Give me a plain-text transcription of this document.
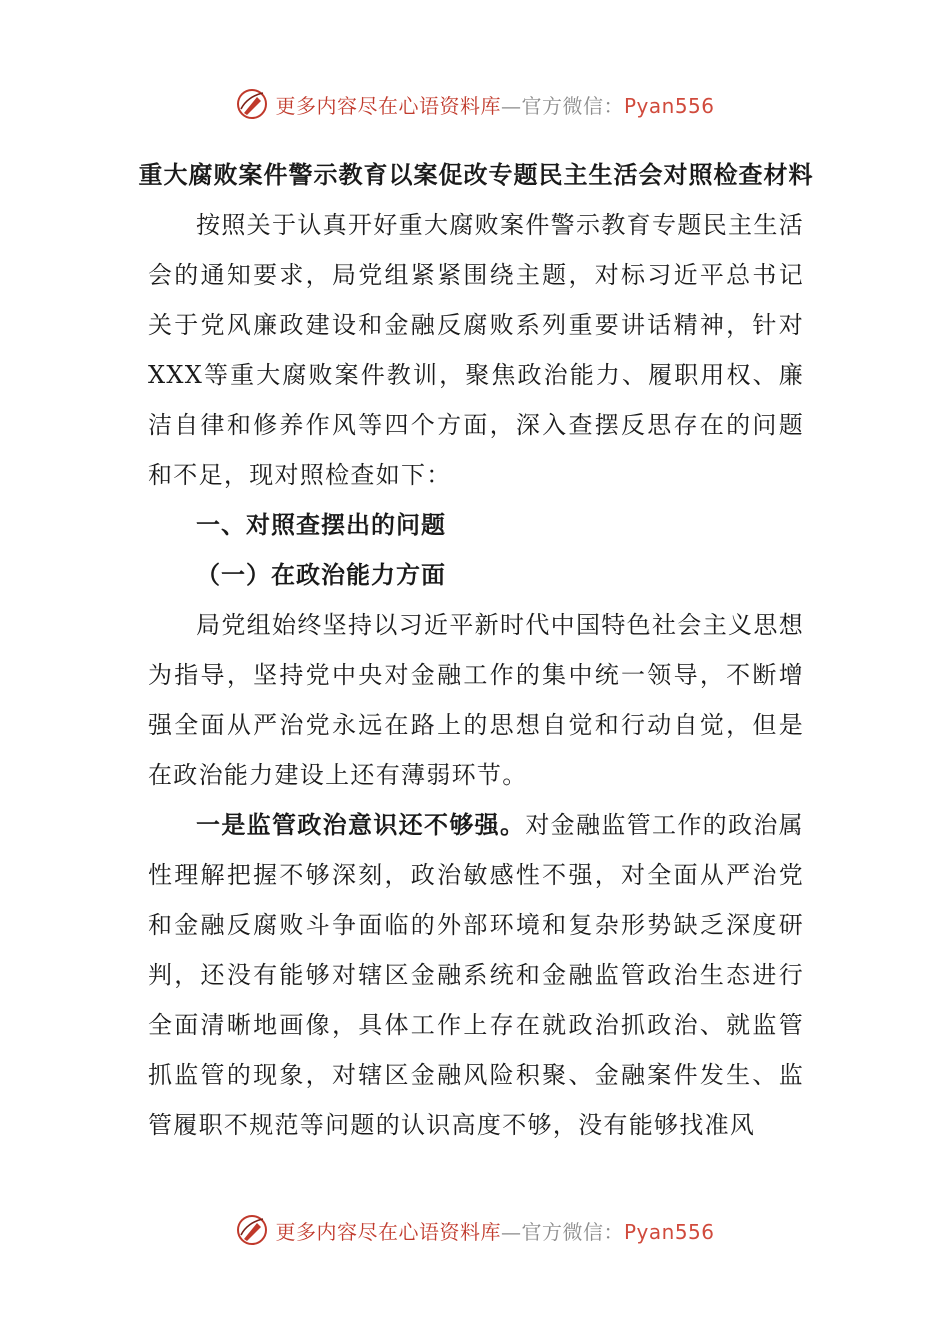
更多内容尽在心语资料库—官方微信：Pyan556

重大腐败案件警示教育以案促改专题民主生活会对照检查材料

按照关于认真开好重大腐败案件警示教育专题民主生活会的通知要求，局党组紧紧围绕主题，对标习近平总书记关于党风廉政建设和金融反腐败系列重要讲话精神，针对XXX等重大腐败案件教训，聚焦政治能力、履职用权、廉洁自律和修养作风等四个方面，深入查摆反思存在的问题和不足，现对照检查如下：

一、对照查摆出的问题

（一）在政治能力方面

局党组始终坚持以习近平新时代中国特色社会主义思想为指导，坚持党中央对金融工作的集中统一领导，不断增强全面从严治党永远在路上的思想自觉和行动自觉，但是在政治能力建设上还有薄弱环节。

一是监管政治意识还不够强。对金融监管工作的政治属性理解把握不够深刻，政治敏感性不强，对全面从严治党和金融反腐败斗争面临的外部环境和复杂形势缺乏深度研判，还没有能够对辖区金融系统和金融监管政治生态进行全面清晰地画像，具体工作上存在就政治抓政治、就监管抓监管的现象，对辖区金融风险积聚、金融案件发生、监管履职不规范等问题的认识高度不够，没有能够找准风

更多内容尽在心语资料库—官方微信：Pyan556
